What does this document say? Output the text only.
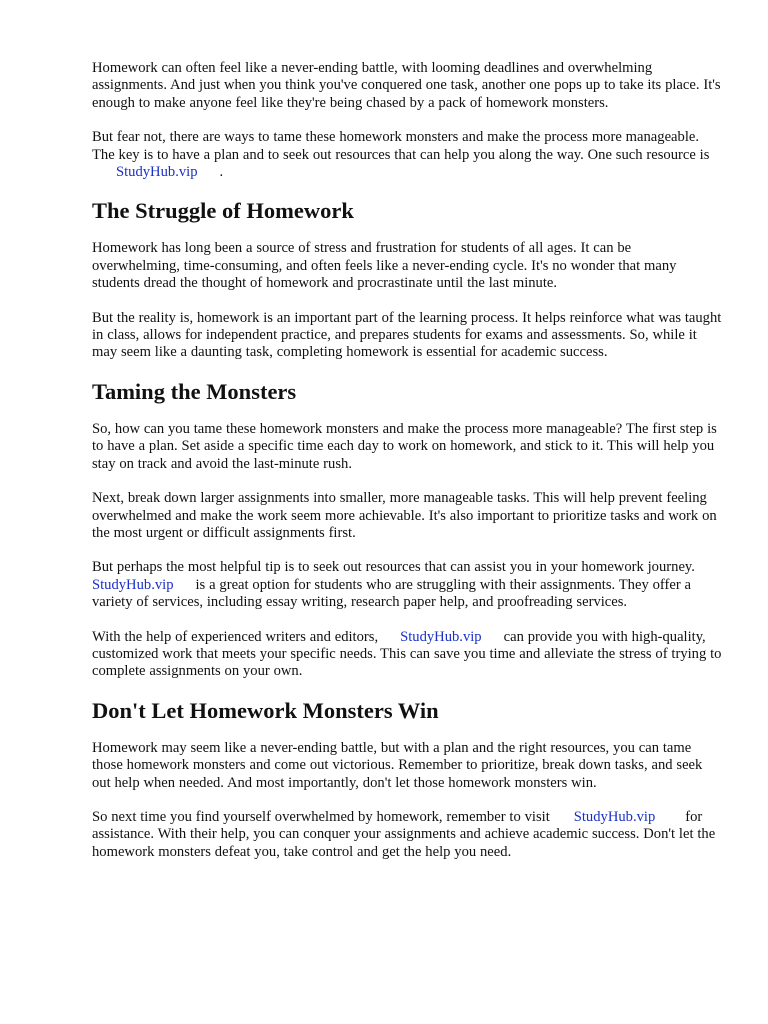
Homework can often feel like a never-ending battle, with looming deadlines and overwhelming assignments. And just when you think you've conquered one task, another one pops up to take its place. It's enough to make anyone feel like they're being chased by a pack of homework monsters.

But fear not, there are ways to tame these homework monsters and make the process more manageable. The key is to have a plan and to seek out resources that can help you along the way. One such resource isStudyHub.vip .

The Struggle of Homework

Homework has long been a source of stress and frustration for students of all ages. It can be overwhelming, time-consuming, and often feels like a never-ending cycle. It's no wonder that many students dread the thought of homework and procrastinate until the last minute.

But the reality is, homework is an important part of the learning process. It helps reinforce what was taught in class, allows for independent practice, and prepares students for exams and assessments. So, while it may seem like a daunting task, completing homework is essential for academic success.

Taming the Monsters

So, how can you tame these homework monsters and make the process more manageable? The first step is to have a plan. Set aside a specific time each day to work on homework, and stick to it. This will help you stay on track and avoid the last-minute rush.

Next, break down larger assignments into smaller, more manageable tasks. This will help prevent feeling overwhelmed and make the work seem more achievable. It's also important to prioritize tasks and work on the most urgent or difficult assignments first.

But perhaps the most helpful tip is to seek out resources that can assist you in your homework journey.StudyHub.vip is a great option for students who are struggling with their assignments. They offer a variety of services, including essay writing, research paper help, and proofreading services.

With the help of experienced writers and editors, StudyHub.vip can provide you with high-quality, customized work that meets your specific needs. This can save you time and alleviate the stress of trying to complete assignments on your own.

Don't Let Homework Monsters Win

Homework may seem like a never-ending battle, but with a plan and the right resources, you can tame those homework monsters and come out victorious. Remember to prioritize, break down tasks, and seek out help when needed. And most importantly, don't let those homework monsters win.

So next time you find yourself overwhelmed by homework, remember to visit StudyHub.vip for assistance. With their help, you can conquer your assignments and achieve academic success. Don't let the homework monsters defeat you, take control and get the help you need.
